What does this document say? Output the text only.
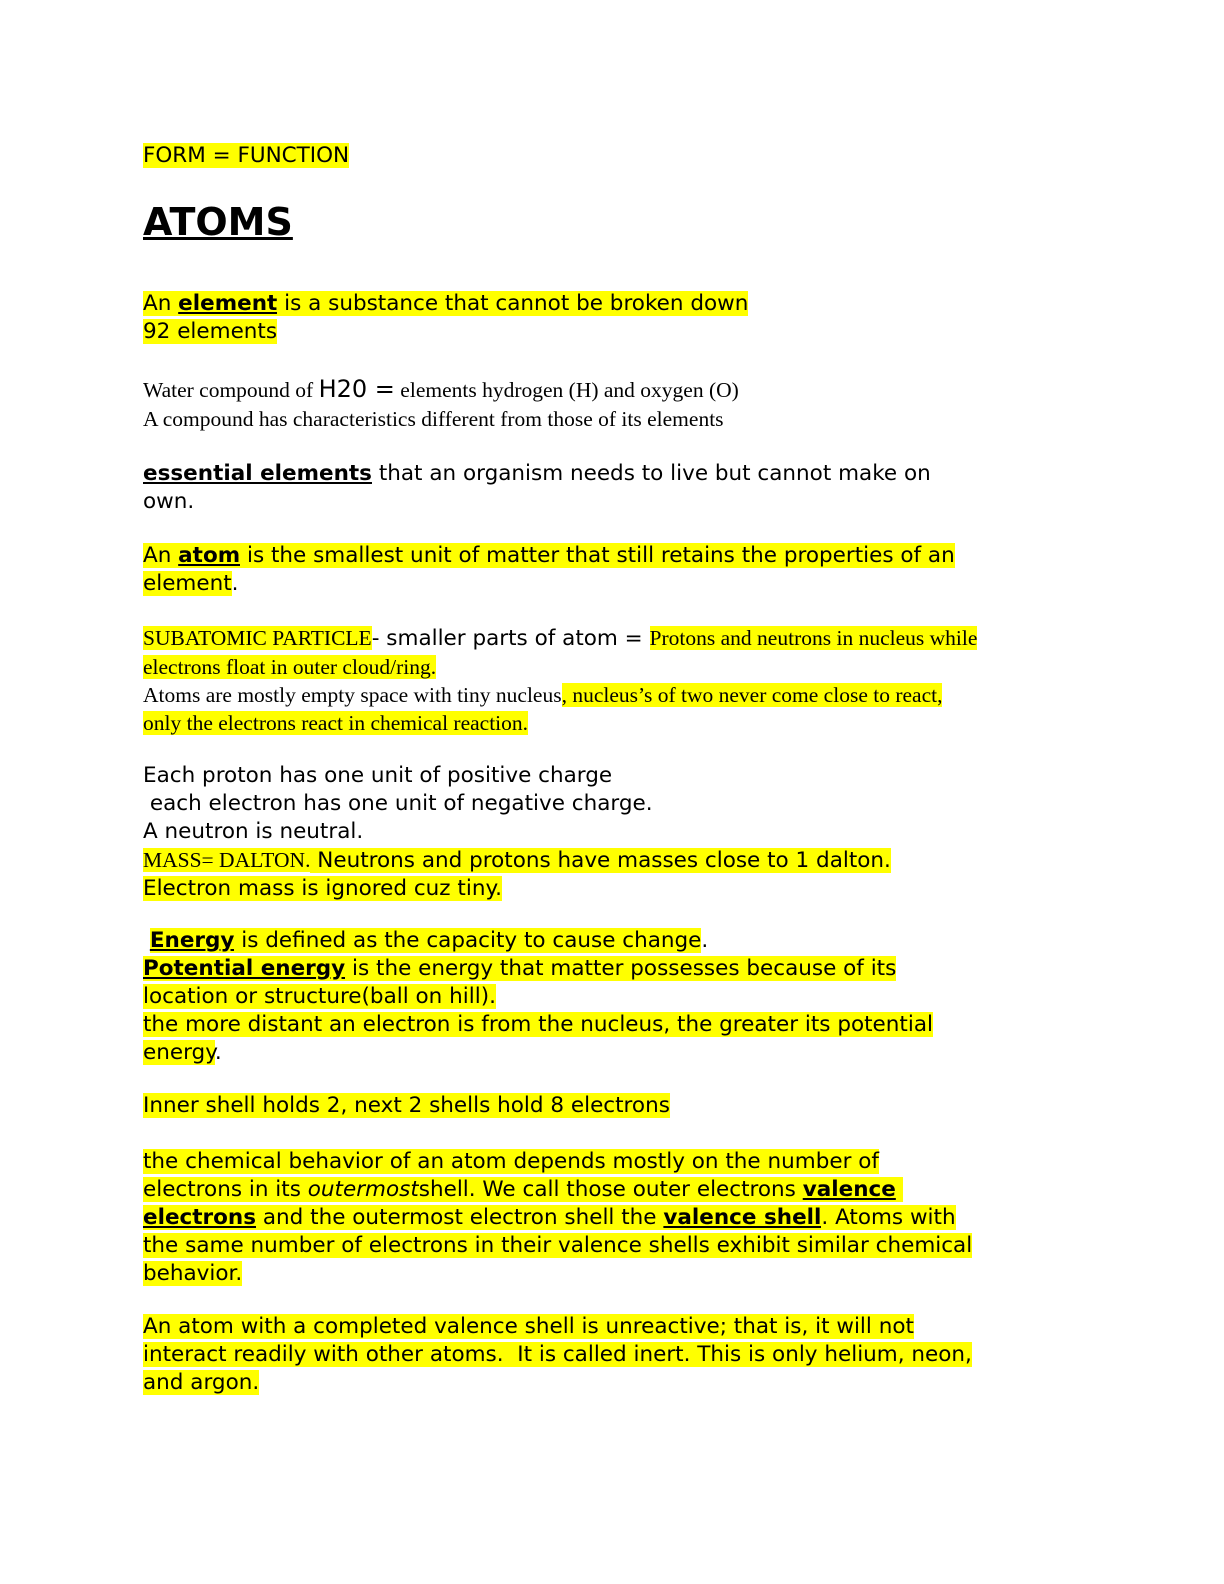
FORM = FUNCTION
ATOMS
An element is a substance that cannot be broken down
92 elements
Water compound of H20 = elements hydrogen (H) and oxygen (O)
A compound has characteristics different from those of its elements
essential elements that an organism needs to live but cannot make on
own.
An atom is the smallest unit of matter that still retains the properties of an
element.
SUBATOMIC PARTICLE- smaller parts of atom = Protons and neutrons in nucleus while
electrons float in outer cloud/ring.
Atoms are mostly empty space with tiny nucleus, nucleus’s of two never come close to react,
only the electrons react in chemical reaction.
Each proton has one unit of positive charge
each electron has one unit of negative charge.
A neutron is neutral.
MASS= DALTON. Neutrons and protons have masses close to 1 dalton.
Electron mass is ignored cuz tiny.
Energy is defined as the capacity to cause change.
Potential energy is the energy that matter possesses because of its
location or structure(ball on hill).
the more distant an electron is from the nucleus, the greater its potential
energy.
Inner shell holds 2, next 2 shells hold 8 electrons
the chemical behavior of an atom depends mostly on the number of
electrons in its outermostshell. We call those outer electrons valence
electrons and the outermost electron shell the valence shell. Atoms with
the same number of electrons in their valence shells exhibit similar chemical
behavior.
An atom with a completed valence shell is unreactive; that is, it will not
interact readily with other atoms.  It is called inert. This is only helium, neon,
and argon.
